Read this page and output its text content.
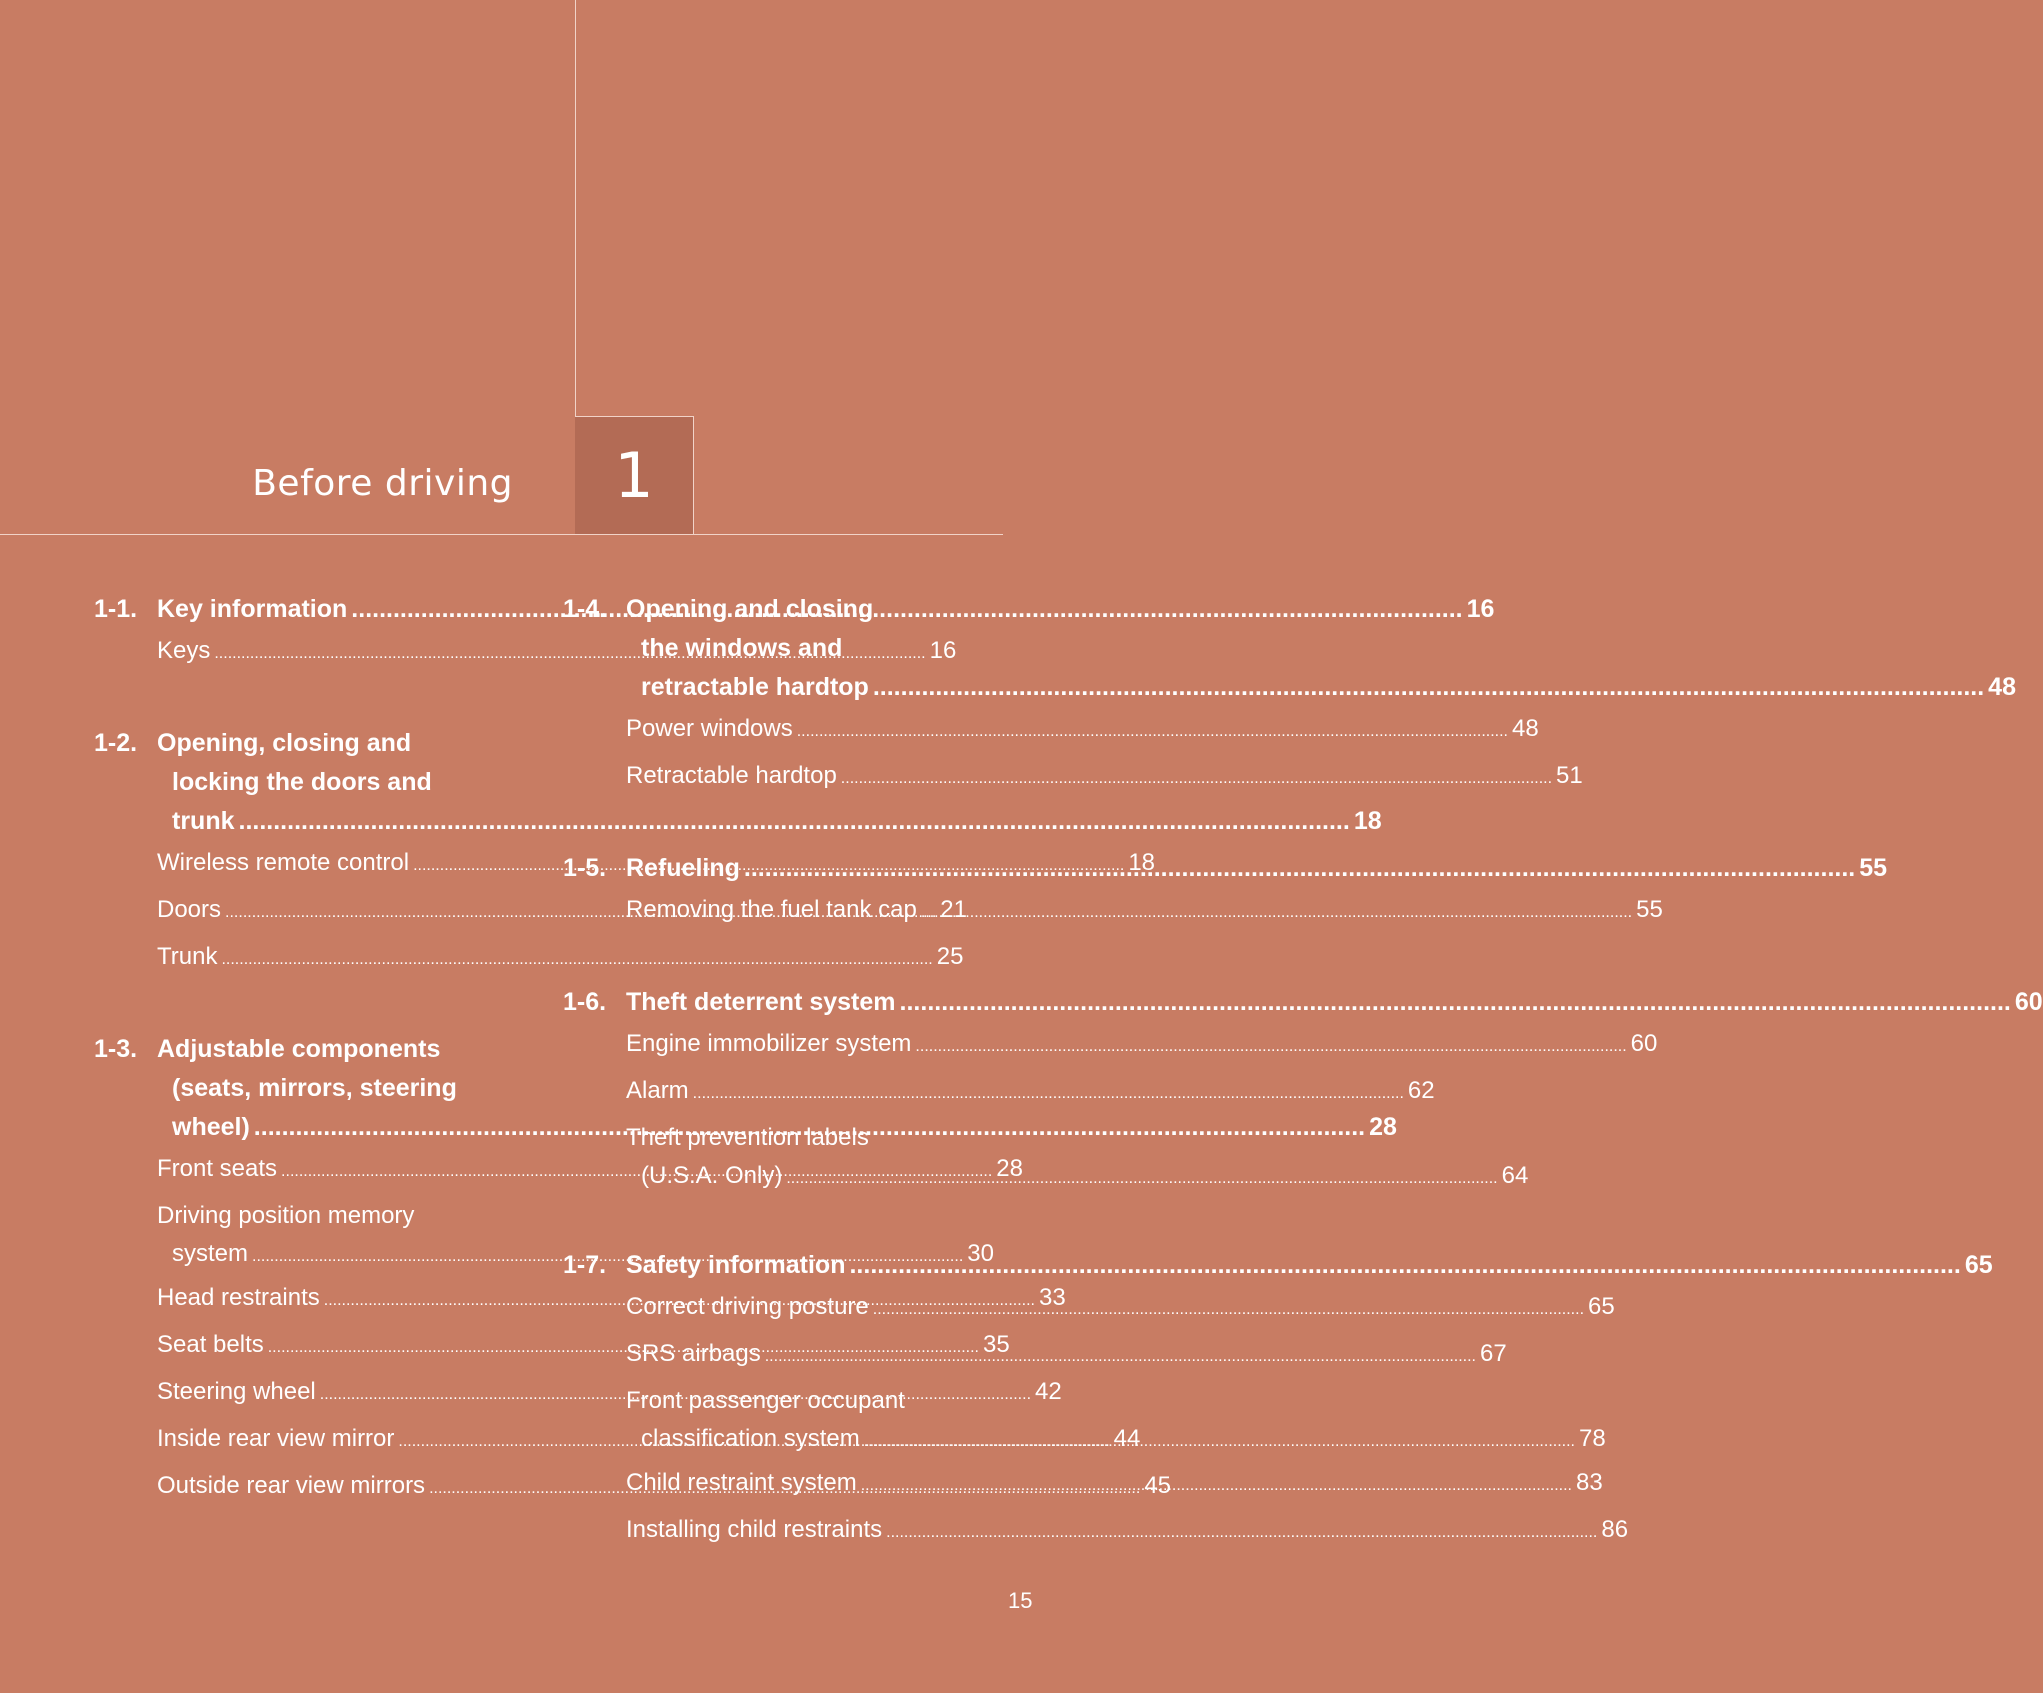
Before driving	1
1-1. Key information .....	16
Keys .....	16
1-2. Opening, closing and
locking the doors and
trunk .....	18
Wireless remote control .....	18
Doors .....	21
Trunk .....	25
1-3. Adjustable components
(seats, mirrors, steering
wheel) .....	28
Front seats .....	28
Driving position memory
system .....	30
Head restraints .....	33
Seat belts .....	35
Steering wheel .....	42
Inside rear view mirror .....	44
Outside rear view mirrors .....	45
1-4. Opening and closing
the windows and
retractable hardtop .....	48
Power windows .....	48
Retractable hardtop .....	51
1-5. Refueling .....	55
Removing the fuel tank cap .....	55
1-6. Theft deterrent system .....	60
Engine immobilizer system .....	60
Alarm .....	62
Theft prevention labels
(U.S.A. Only) .....	64
1-7. Safety information .....	65
Correct driving posture .....	65
SRS airbags .....	67
Front passenger occupant
classification system .....	78
Child restraint system .....	83
Installing child restraints .....	86
15
